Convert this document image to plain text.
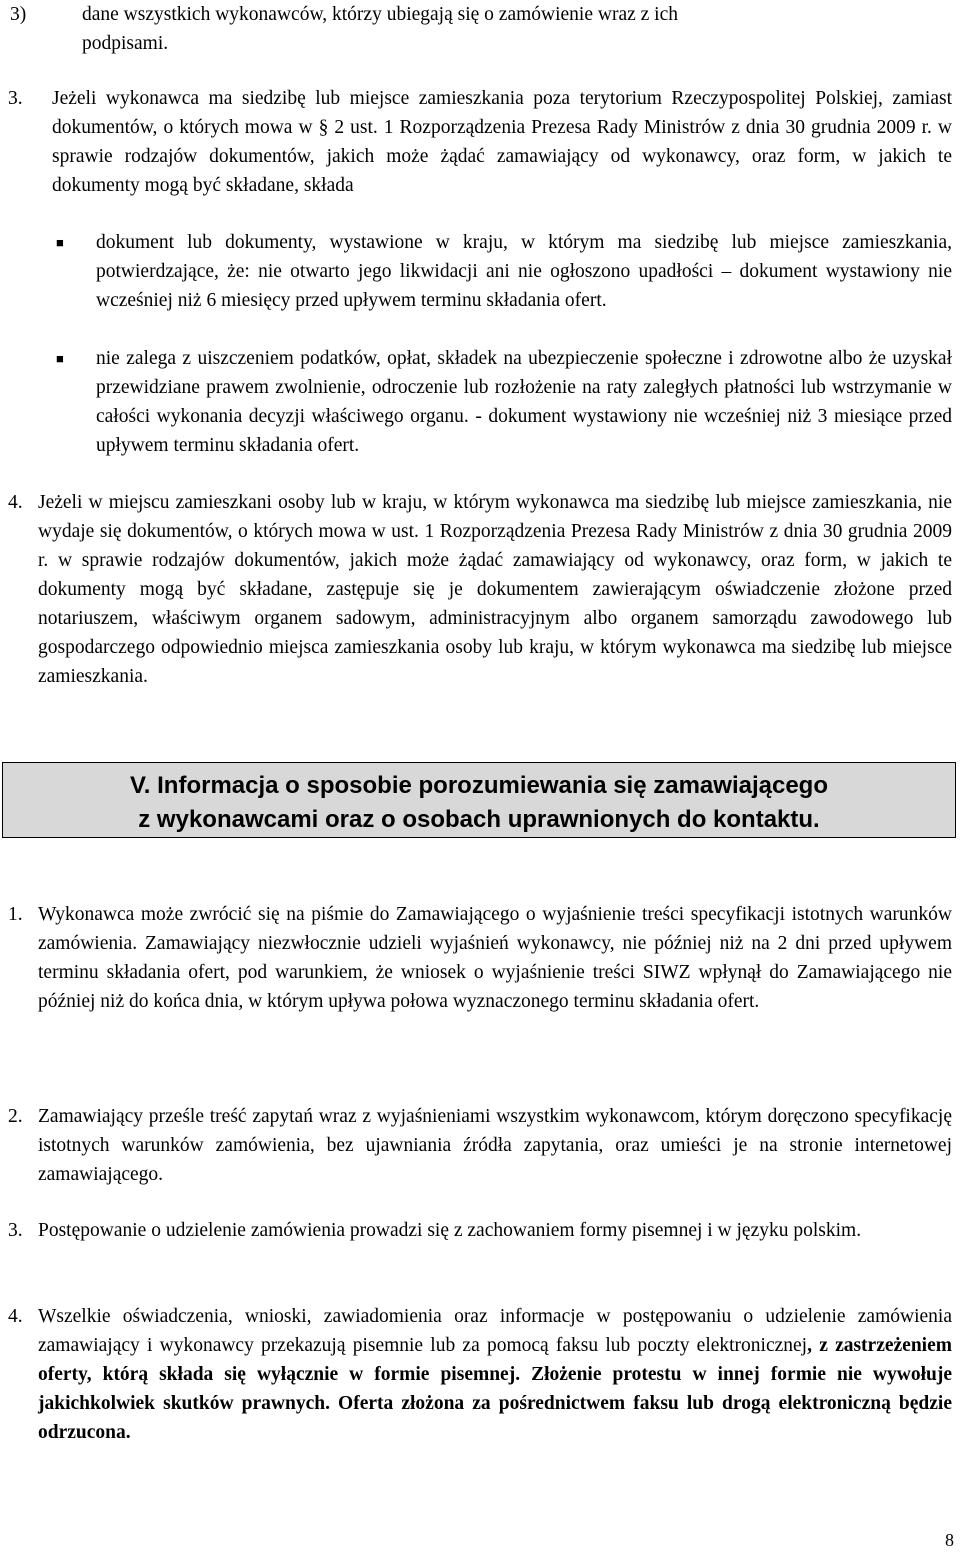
3)	dane wszystkich wykonawców, którzy ubiegają się o zamówienie wraz z ich
podpisami.
3.	Jeżeli wykonawca ma siedzibę lub miejsce zamieszkania poza terytorium Rzeczypospolitej Polskiej, zamiast dokumentów, o których mowa w § 2 ust. 1 Rozporządzenia Prezesa Rady Ministrów z dnia 30 grudnia 2009 r. w sprawie rodzajów dokumentów, jakich może żądać zamawiający od wykonawcy, oraz form, w jakich te dokumenty mogą być składane, składa
■	dokument lub dokumenty, wystawione w kraju, w którym ma siedzibę lub miejsce zamieszkania, potwierdzające, że: nie otwarto jego likwidacji ani nie ogłoszono upadłości – dokument wystawiony nie wcześniej niż 6 miesięcy przed upływem terminu składania ofert.
■	nie zalega z uiszczeniem podatków, opłat, składek na ubezpieczenie społeczne i zdrowotne albo że uzyskał przewidziane prawem zwolnienie, odroczenie lub rozłożenie na raty zaległych płatności lub wstrzymanie w całości wykonania decyzji właściwego organu. - dokument wystawiony nie wcześniej niż 3 miesiące przed upływem terminu składania ofert.
4. Jeżeli w miejscu zamieszkani osoby lub w kraju, w którym wykonawca ma siedzibę lub miejsce zamieszkania, nie wydaje się dokumentów, o których mowa w ust. 1 Rozporządzenia Prezesa Rady Ministrów z dnia 30 grudnia 2009 r. w sprawie rodzajów dokumentów, jakich może żądać zamawiający od wykonawcy, oraz form, w jakich te dokumenty mogą być składane, zastępuje się je dokumentem zawierającym oświadczenie złożone przed notariuszem, właściwym organem sadowym, administracyjnym albo organem samorządu zawodowego lub gospodarczego odpowiednio miejsca zamieszkania osoby lub kraju, w którym wykonawca ma siedzibę lub miejsce zamieszkania.
V. Informacja o sposobie porozumiewania się zamawiającego
z wykonawcami oraz o osobach uprawnionych do kontaktu.
1. Wykonawca może zwrócić się na piśmie do Zamawiającego o wyjaśnienie treści specyfikacji istotnych warunków zamówienia. Zamawiający niezwłocznie udzieli wyjaśnień wykonawcy, nie później niż na 2 dni przed upływem terminu składania ofert, pod warunkiem, że wniosek o wyjaśnienie treści SIWZ wpłynął do Zamawiającego nie później niż do końca dnia, w którym upływa połowa wyznaczonego terminu składania ofert.
2. Zamawiający prześle treść zapytań wraz z wyjaśnieniami wszystkim wykonawcom, którym doręczono specyfikację istotnych warunków zamówienia, bez ujawniania źródła zapytania, oraz umieści je na stronie internetowej zamawiającego.
3. Postępowanie o udzielenie zamówienia prowadzi się z zachowaniem formy pisemnej i w języku polskim.
4. Wszelkie oświadczenia, wnioski, zawiadomienia oraz informacje w postępowaniu o udzielenie zamówienia zamawiający i wykonawcy przekazują pisemnie lub za pomocą faksu lub poczty elektronicznej, z zastrzeżeniem oferty, którą składa się wyłącznie w formie pisemnej. Złożenie protestu w innej formie nie wywołuje jakichkolwiek skutków prawnych. Oferta złożona za pośrednictwem faksu lub drogą elektroniczną będzie odrzucona.
8
